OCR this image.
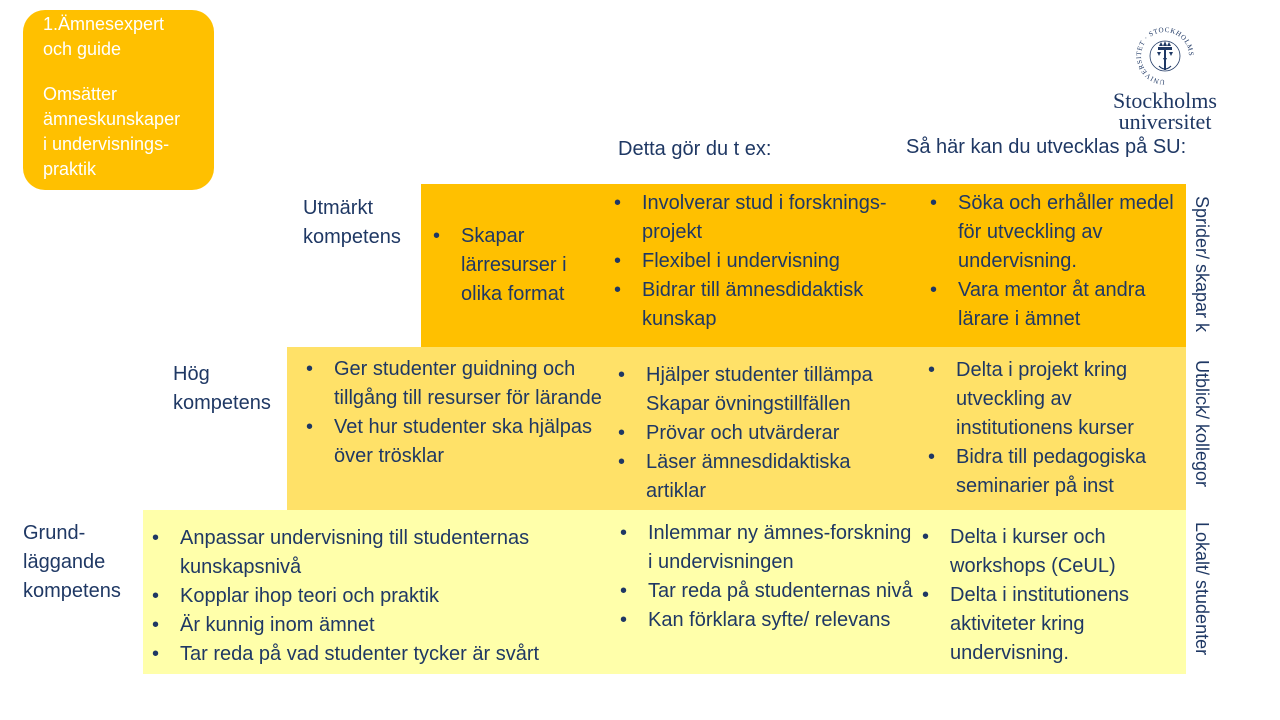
1.Ämnesexpert
och guide
Omsätter
ämneskunskaper
i undervisnings-
praktik
UNIVERSITET · STOCKHOLMS
Stockholms
universitet
Detta gör du t ex:	Så här kan du utvecklas på SU:
Utmärkt
kompetens
Hög
kompetens
Grund-
läggande
kompetens
• Skapar lärresurser i olika format
• Involverar stud i forsknings-projekt
• Flexibel i undervisning
• Bidrar till ämnesdidaktisk kunskap
• Söka och erhåller medel för utveckling av undervisning.
• Vara mentor åt andra lärare i ämnet
• Ger studenter guidning och tillgång till resurser för lärande
• Vet hur studenter ska hjälpas över trösklar
• Hjälper studenter tillämpa Skapar övningstillfällen
• Prövar och utvärderar
• Läser ämnesdidaktiska artiklar
• Delta i projekt kring utveckling av institutionens kurser
• Bidra till pedagogiska seminarier på inst
• Anpassar undervisning till studenternas kunskapsnivå
• Kopplar ihop teori och praktik
• Är kunnig inom ämnet
• Tar reda på vad studenter tycker är svårt
• Inlemmar ny ämnes-forskning i undervisningen
• Tar reda på studenternas nivå
• Kan förklara syfte/ relevans
• Delta i kurser och workshops (CeUL)
• Delta i institutionens aktiviteter kring undervisning.
Sprider/ skapar k
Utblick/ kollegor
Lokalt/ studenter
